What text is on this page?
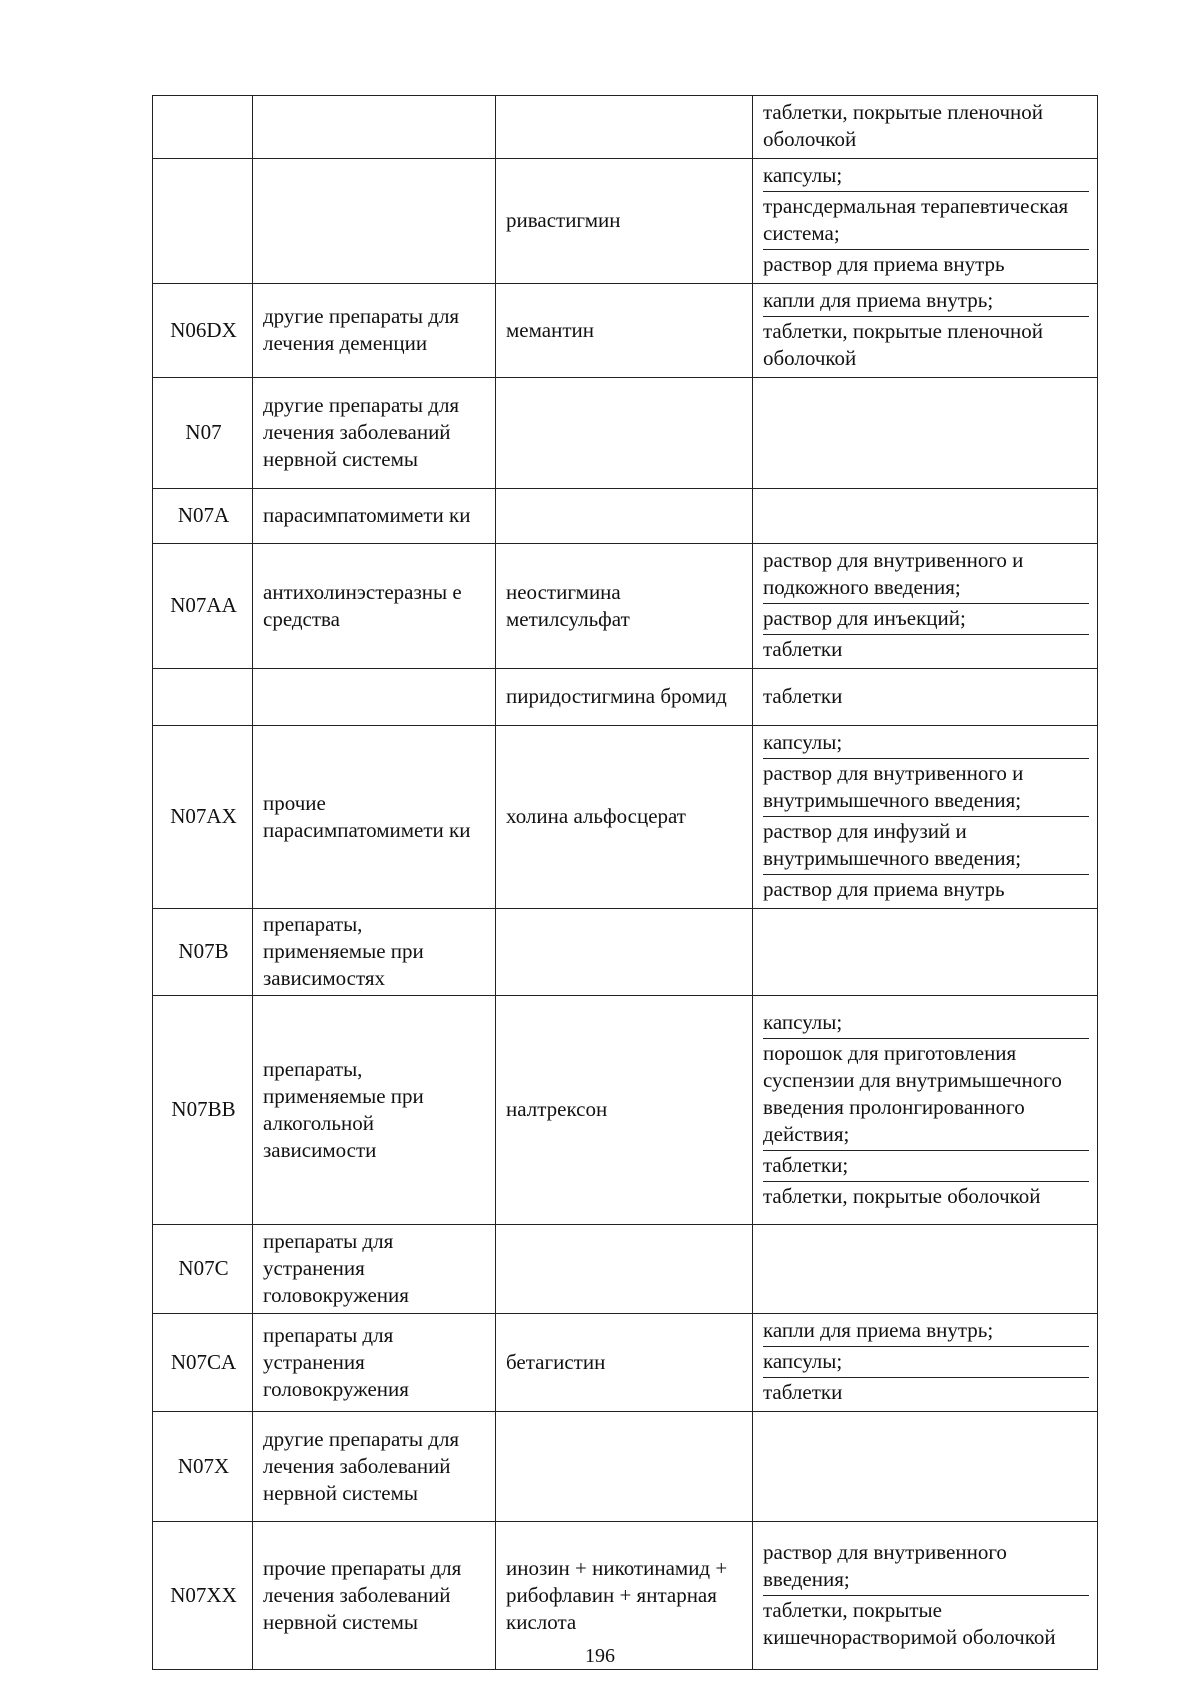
			таблетки, покрытые пленочной оболочкой

		ривастигмин	капсулы;
трансдермальная терапевтическая система;
раствор для приема внутрь

N06DX	другие препараты для лечения деменции	мемантин	капли для приема внутрь;
таблетки, покрытые пленочной оболочкой

N07	другие препараты для лечения заболеваний нервной системы		

N07A	парасимпатомимети ки		

N07AA	антихолинэстеразны е средства	неостигмина метилсульфат	раствор для внутривенного и подкожного введения;
раствор для инъекций;
таблетки

		пиридостигмина бромид	таблетки

N07AX	прочие парасимпатомимети ки	холина альфосцерат	капсулы;
раствор для внутривенного и внутримышечного введения;
раствор для инфузий и внутримышечного введения;
раствор для приема внутрь

N07B	препараты, применяемые при зависимостях		

N07BB	препараты, применяемые при алкогольной зависимости	налтрексон	капсулы;
порошок для приготовления суспензии для внутримышечного введения пролонгированного действия;
таблетки;
таблетки, покрытые оболочкой

N07C	препараты для устранения головокружения		

N07CA	препараты для устранения головокружения	бетагистин	капли для приема внутрь;
капсулы;
таблетки

N07X	другие препараты для лечения заболеваний нервной системы		

N07XX	прочие препараты для лечения заболеваний нервной системы	инозин + никотинамид + рибофлавин + янтарная кислота	раствор для внутривенного введения;
таблетки, покрытые кишечнорастворимой оболочкой
196
